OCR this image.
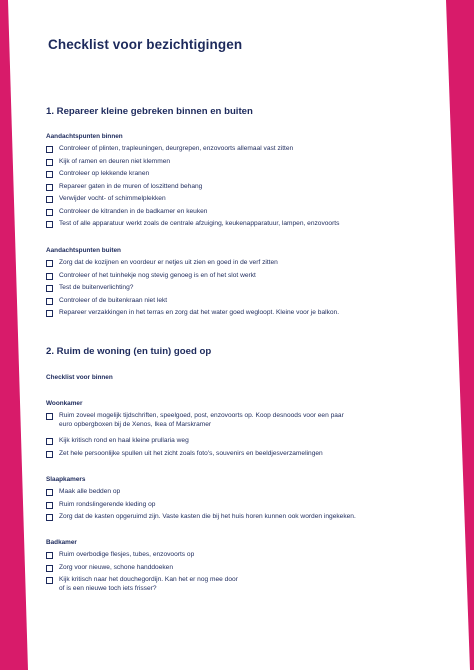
Checklist voor bezichtigingen
1. Repareer kleine gebreken binnen en buiten
Aandachtspunten binnen
Controleer of plinten, trapleuningen, deurgrepen, enzovoorts allemaal vast zitten
Kijk of ramen en deuren niet klemmen
Controleer op lekkende kranen
Repareer gaten in de muren of loszittend behang
Verwijder vocht- of schimmelplekken
Controleer de kitranden in de badkamer en keuken
Test of alle apparatuur werkt zoals de centrale afzuiging, keukenapparatuur, lampen, enzovoorts
Aandachtspunten buiten
Zorg dat de kozijnen en voordeur er netjes uit zien en goed in de verf zitten
Controleer of het tuinhekje nog stevig genoeg is en of het slot werkt
Test de buitenverlichting?
Controleer of de buitenkraan niet lekt
Repareer verzakkingen in het terras en zorg dat het water goed wegloopt. Kleine voor je balkon.
2. Ruim de woning (en tuin) goed op
Checklist voor binnen
Woonkamer
Ruim zoveel mogelijk tijdschriften, speelgoed, post, enzovoorts op. Koop desnoods voor een paar
euro opbergboxen bij de Xenos, Ikea of Marskramer
Kijk kritisch rond en haal kleine prullaria weg
Zet hele persoonlijke spullen uit het zicht zoals foto's, souvenirs en beeldjesverzamelingen
Slaapkamers
Maak alle bedden op
Ruim rondslingerende kleding op
Zorg dat de kasten opgeruimd zijn. Vaste kasten die bij het huis horen kunnen ook worden ingekeken.
Badkamer
Ruim overbodige flesjes, tubes, enzovoorts op
Zorg voor nieuwe, schone handdoeken
Kijk kritisch naar het douchegordijn. Kan het er nog mee door
of is een nieuwe toch iets frisser?
